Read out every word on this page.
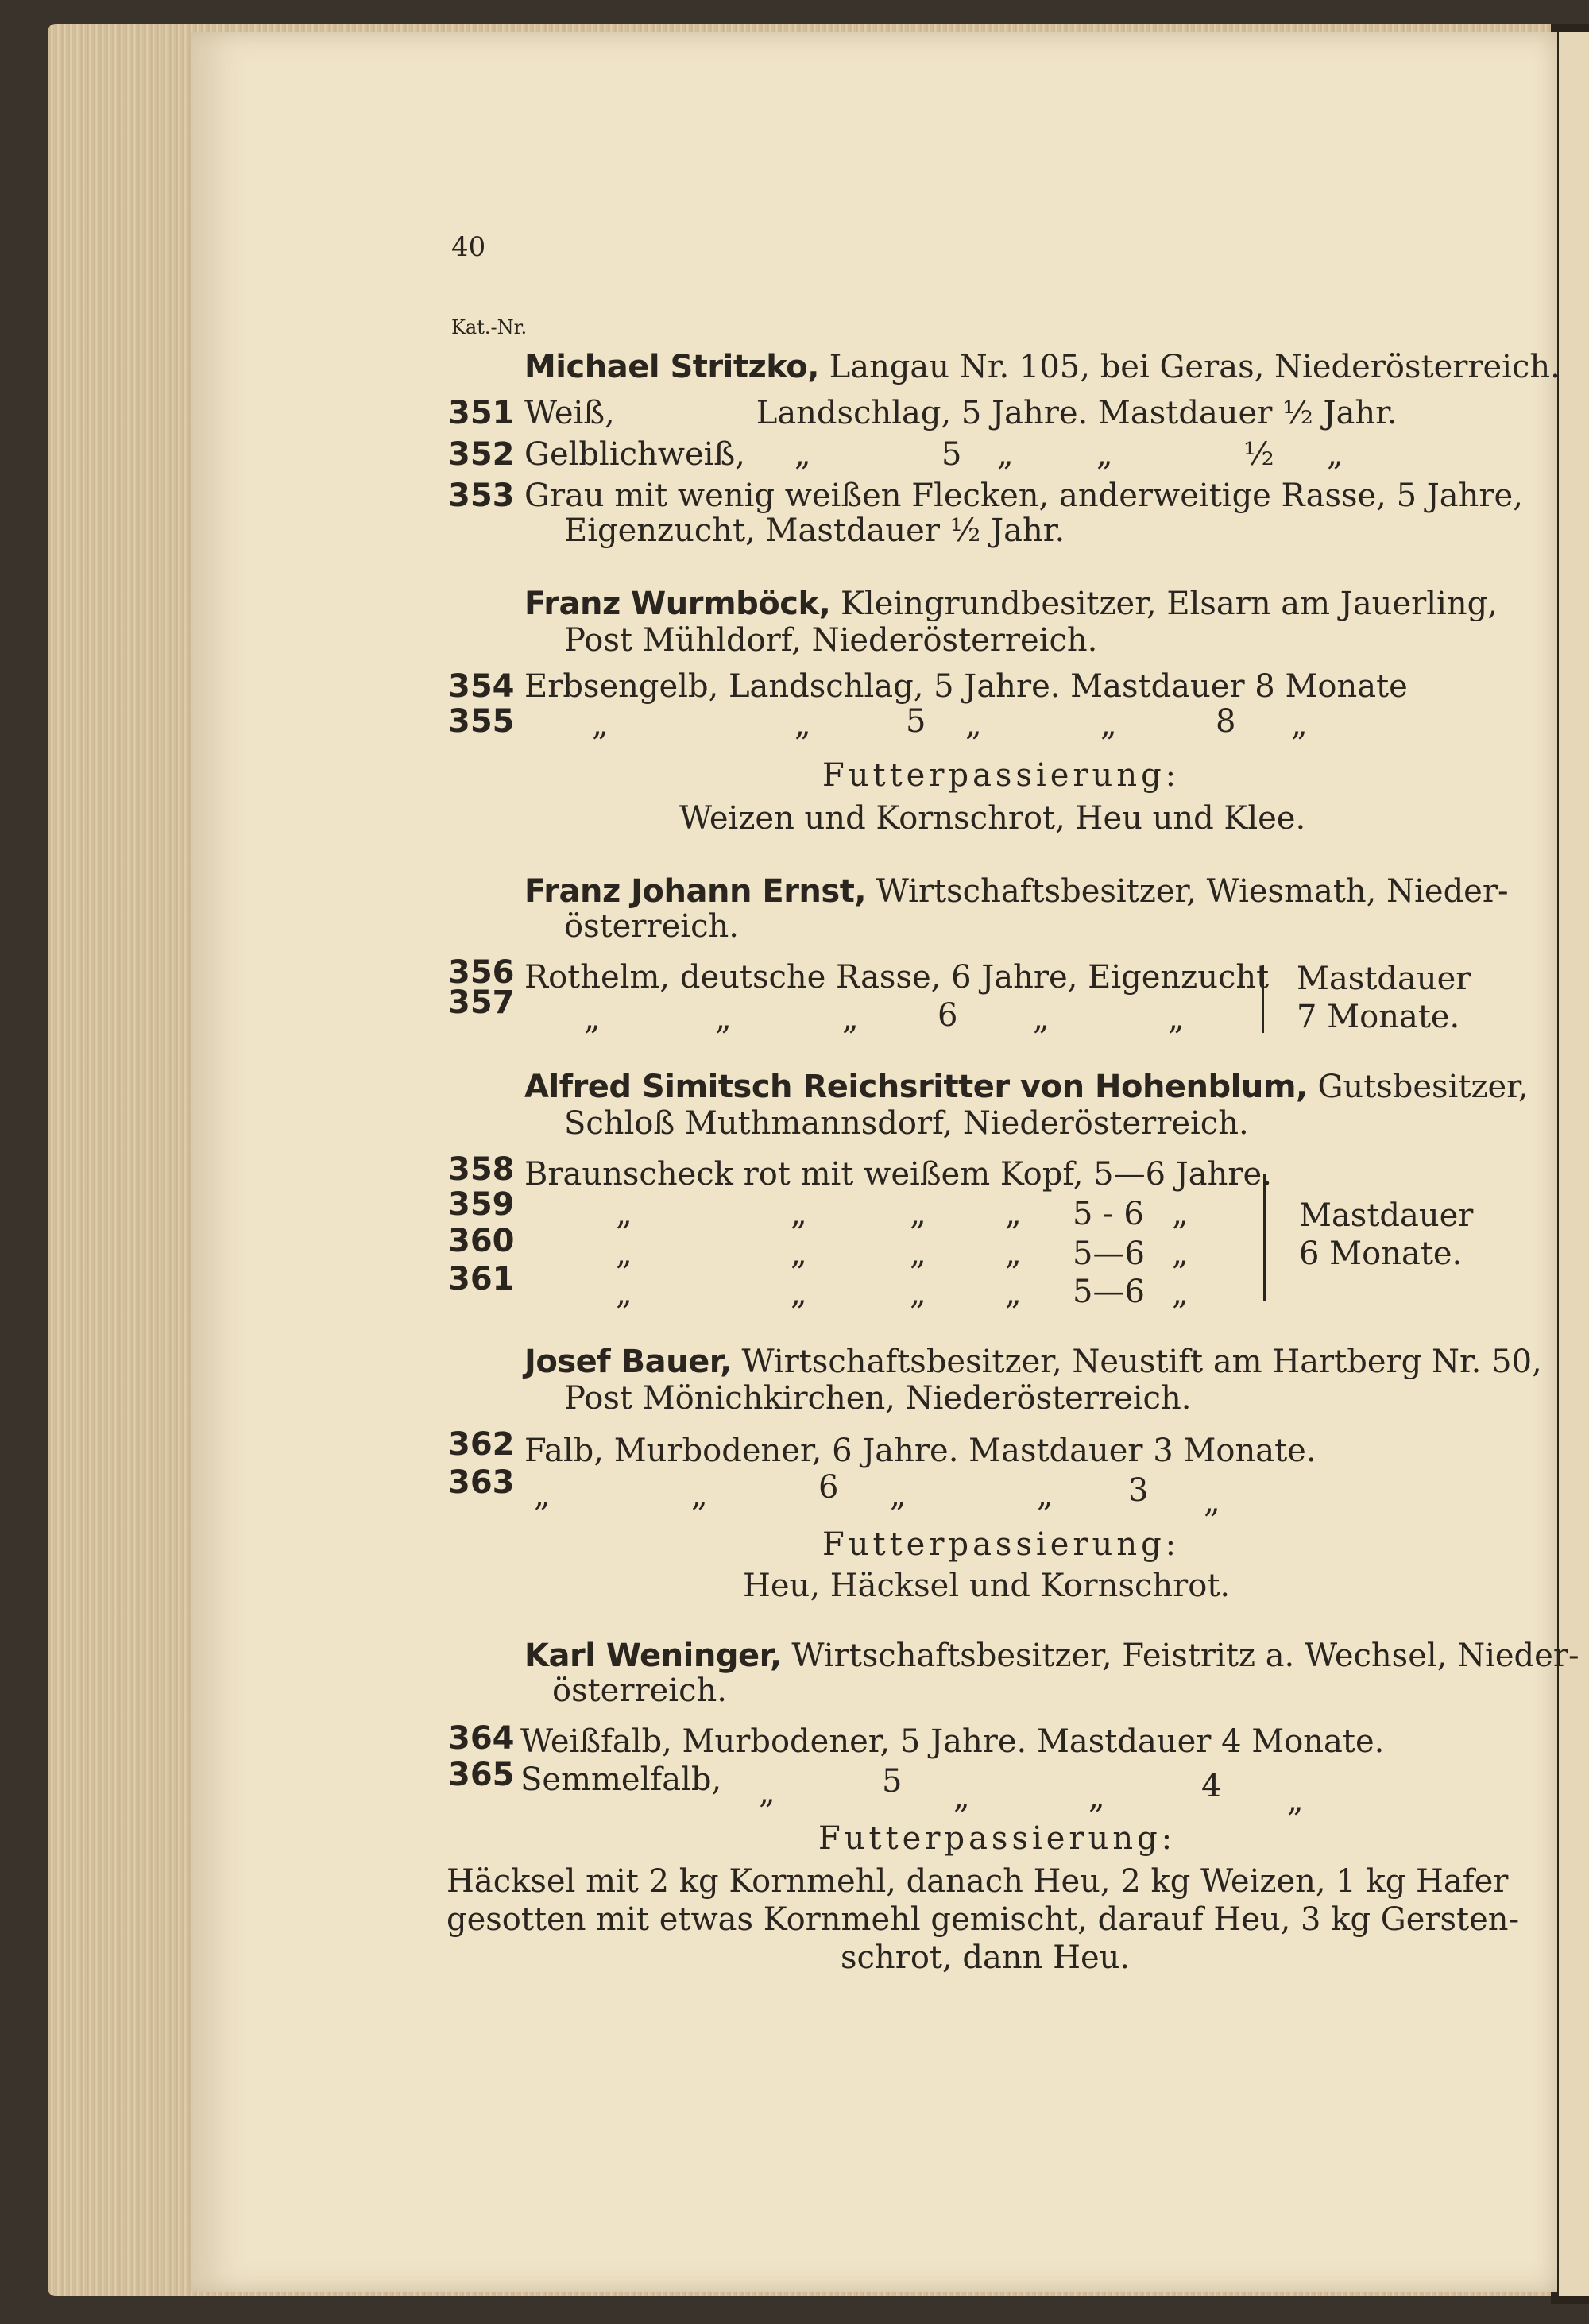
40
Kat.-Nr.
Michael Stritzko, Langau Nr. 105, bei Geras, Niederösterreich.
351 Weiß,              Landschlag, 5 Jahre. Mastdauer ½ Jahr.
352 Gelblichweiß, „	5 „	„	½ „
353 Grau mit wenig weißen Flecken, anderweitige Rasse, 5 Jahre,
Eigenzucht, Mastdauer ½ Jahr.
Franz Wurmböck, Kleingrundbesitzer, Elsarn am Jauerling,
Post Mühldorf, Niederösterreich.
354 Erbsengelb, Landschlag, 5 Jahre. Mastdauer 8 Monate
355 „	„	5 „	„	8 „
Futterpassierung:
Weizen und Kornschrot, Heu und Klee.
Franz Johann Ernst, Wirtschaftsbesitzer, Wiesmath, Nieder-
österreich.
356 Rothelm, deutsche Rasse, 6 Jahre, Eigenzucht
357 „	„	„ 6 „	„
Mastdauer
7 Monate.
Alfred Simitsch Reichsritter von Hohenblum, Gutsbesitzer,
Schloß Muthmannsdorf, Niederösterreich.
358 Braunscheck rot mit weißem Kopf, 5—6 Jahre.
359	„	„	„ „ 5 - 6 „
360	„	„	„ „ 5—6 „
361	„	„	„ „ 5—6 „
Mastdauer
6 Monate.
Josef Bauer, Wirtschaftsbesitzer, Neustift am Hartberg Nr. 50,
Post Mönichkirchen, Niederösterreich.
362 Falb, Murbodener, 6 Jahre. Mastdauer 3 Monate.
363 „	„	6 „	„ 3 „
Futterpassierung:
Heu, Häcksel und Kornschrot.
Karl Weninger, Wirtschaftsbesitzer, Feistritz a. Wechsel, Nieder-
österreich.
364 Weißfalb, Murbodener, 5 Jahre. Mastdauer 4 Monate.
365 Semmelfalb, „	5 „	„	4 „
Futterpassierung:
Häcksel mit 2 kg Kornmehl, danach Heu, 2 kg Weizen, 1 kg Hafer
gesotten mit etwas Kornmehl gemischt, darauf Heu, 3 kg Gersten-
schrot, dann Heu.
